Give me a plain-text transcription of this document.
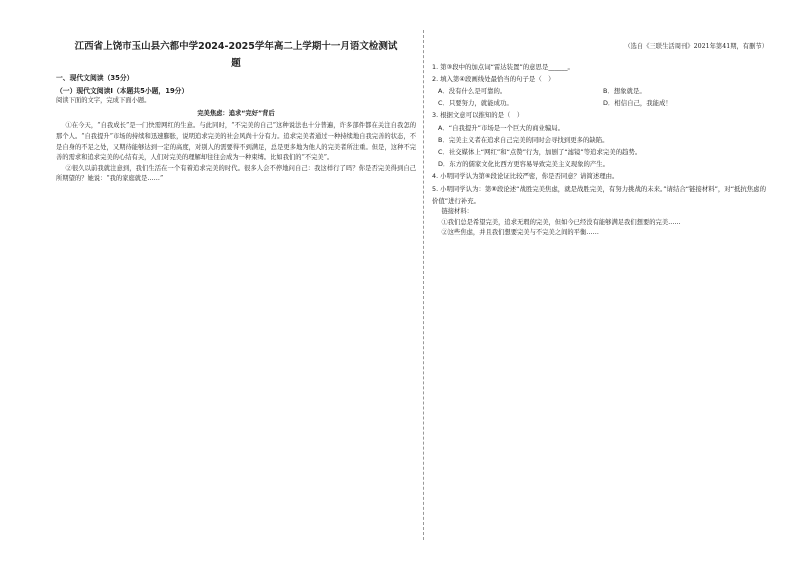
江西省上饶市玉山县六都中学2024-2025学年高二上学期十一月语文检测试

题

一、现代文阅读（35分）

（一）现代文阅读Ⅰ（本题共5小题，19分）

阅读下面的文字，完成下面小题。

完美焦虑：追求“完好”背后

①在今天，“自我成长”是一门快需网红的生意。与此同时，“不完美的自己”这种说法也十分普遍，许多部件都在关注自我怎的那个人。“自我提升”市场的持续和迅速膨胀，说明追求完美的社会风尚十分有力。追求完美者通过一种持续地自我完善的状态，不是自身的不足之处，又期待能够达到一定的高度，对别人的需要得不到满足，总是更多地为他人的完美者所注重。但是，这种不完善的需求和追求完美的心结有关，人们对完美的理解却往往会成为一种束缚。比如我们的“不完美”。

②很久以前我就注意到，我们生活在一个有着追求完美的时代。很多人会不停地问自己：我这样行了吗？你是否完美得到自己所期望的？她说：“我的家庭就是……”

（选自《三联生活周刊》2021年第41期，有删节）

1. 第③段中的加点词“雷达装置”的意思是______。

2. 填入第④段画线处最恰当的句子是（　）

A．没有什么是可靠的。	B．想象就是。
C．只要努力，就能成功。	D．相信自己，我能成！

3. 根据文意可以推知的是（　）

A．“自我提升”市场是一个巨大的商业骗局。

B．完美主义者在追求自己完美的同时会寻找到更多的缺陷。

C．社交媒体上“网红”和“点赞”行为，加剧了“滤镜”等追求完美的趋势。

D．东方的儒家文化比西方更容易导致完美主义现象的产生。

4. 小明同学认为第⑥段论证比较严密，你是否同意？请简述理由。

5. 小明同学认为：第⑧段论述“战胜完美焦虑，就是战胜完美，有努力挑战的未来。”请结合“链接材料”，对“抵抗焦虑的价值”进行补充。

链接材料：

①我们总是希望完美，追求无瑕的完美，但如今已经没有能够满足我们想要的完美……

②这些焦虑，并且我们想要完美与不完美之间的平衡……
